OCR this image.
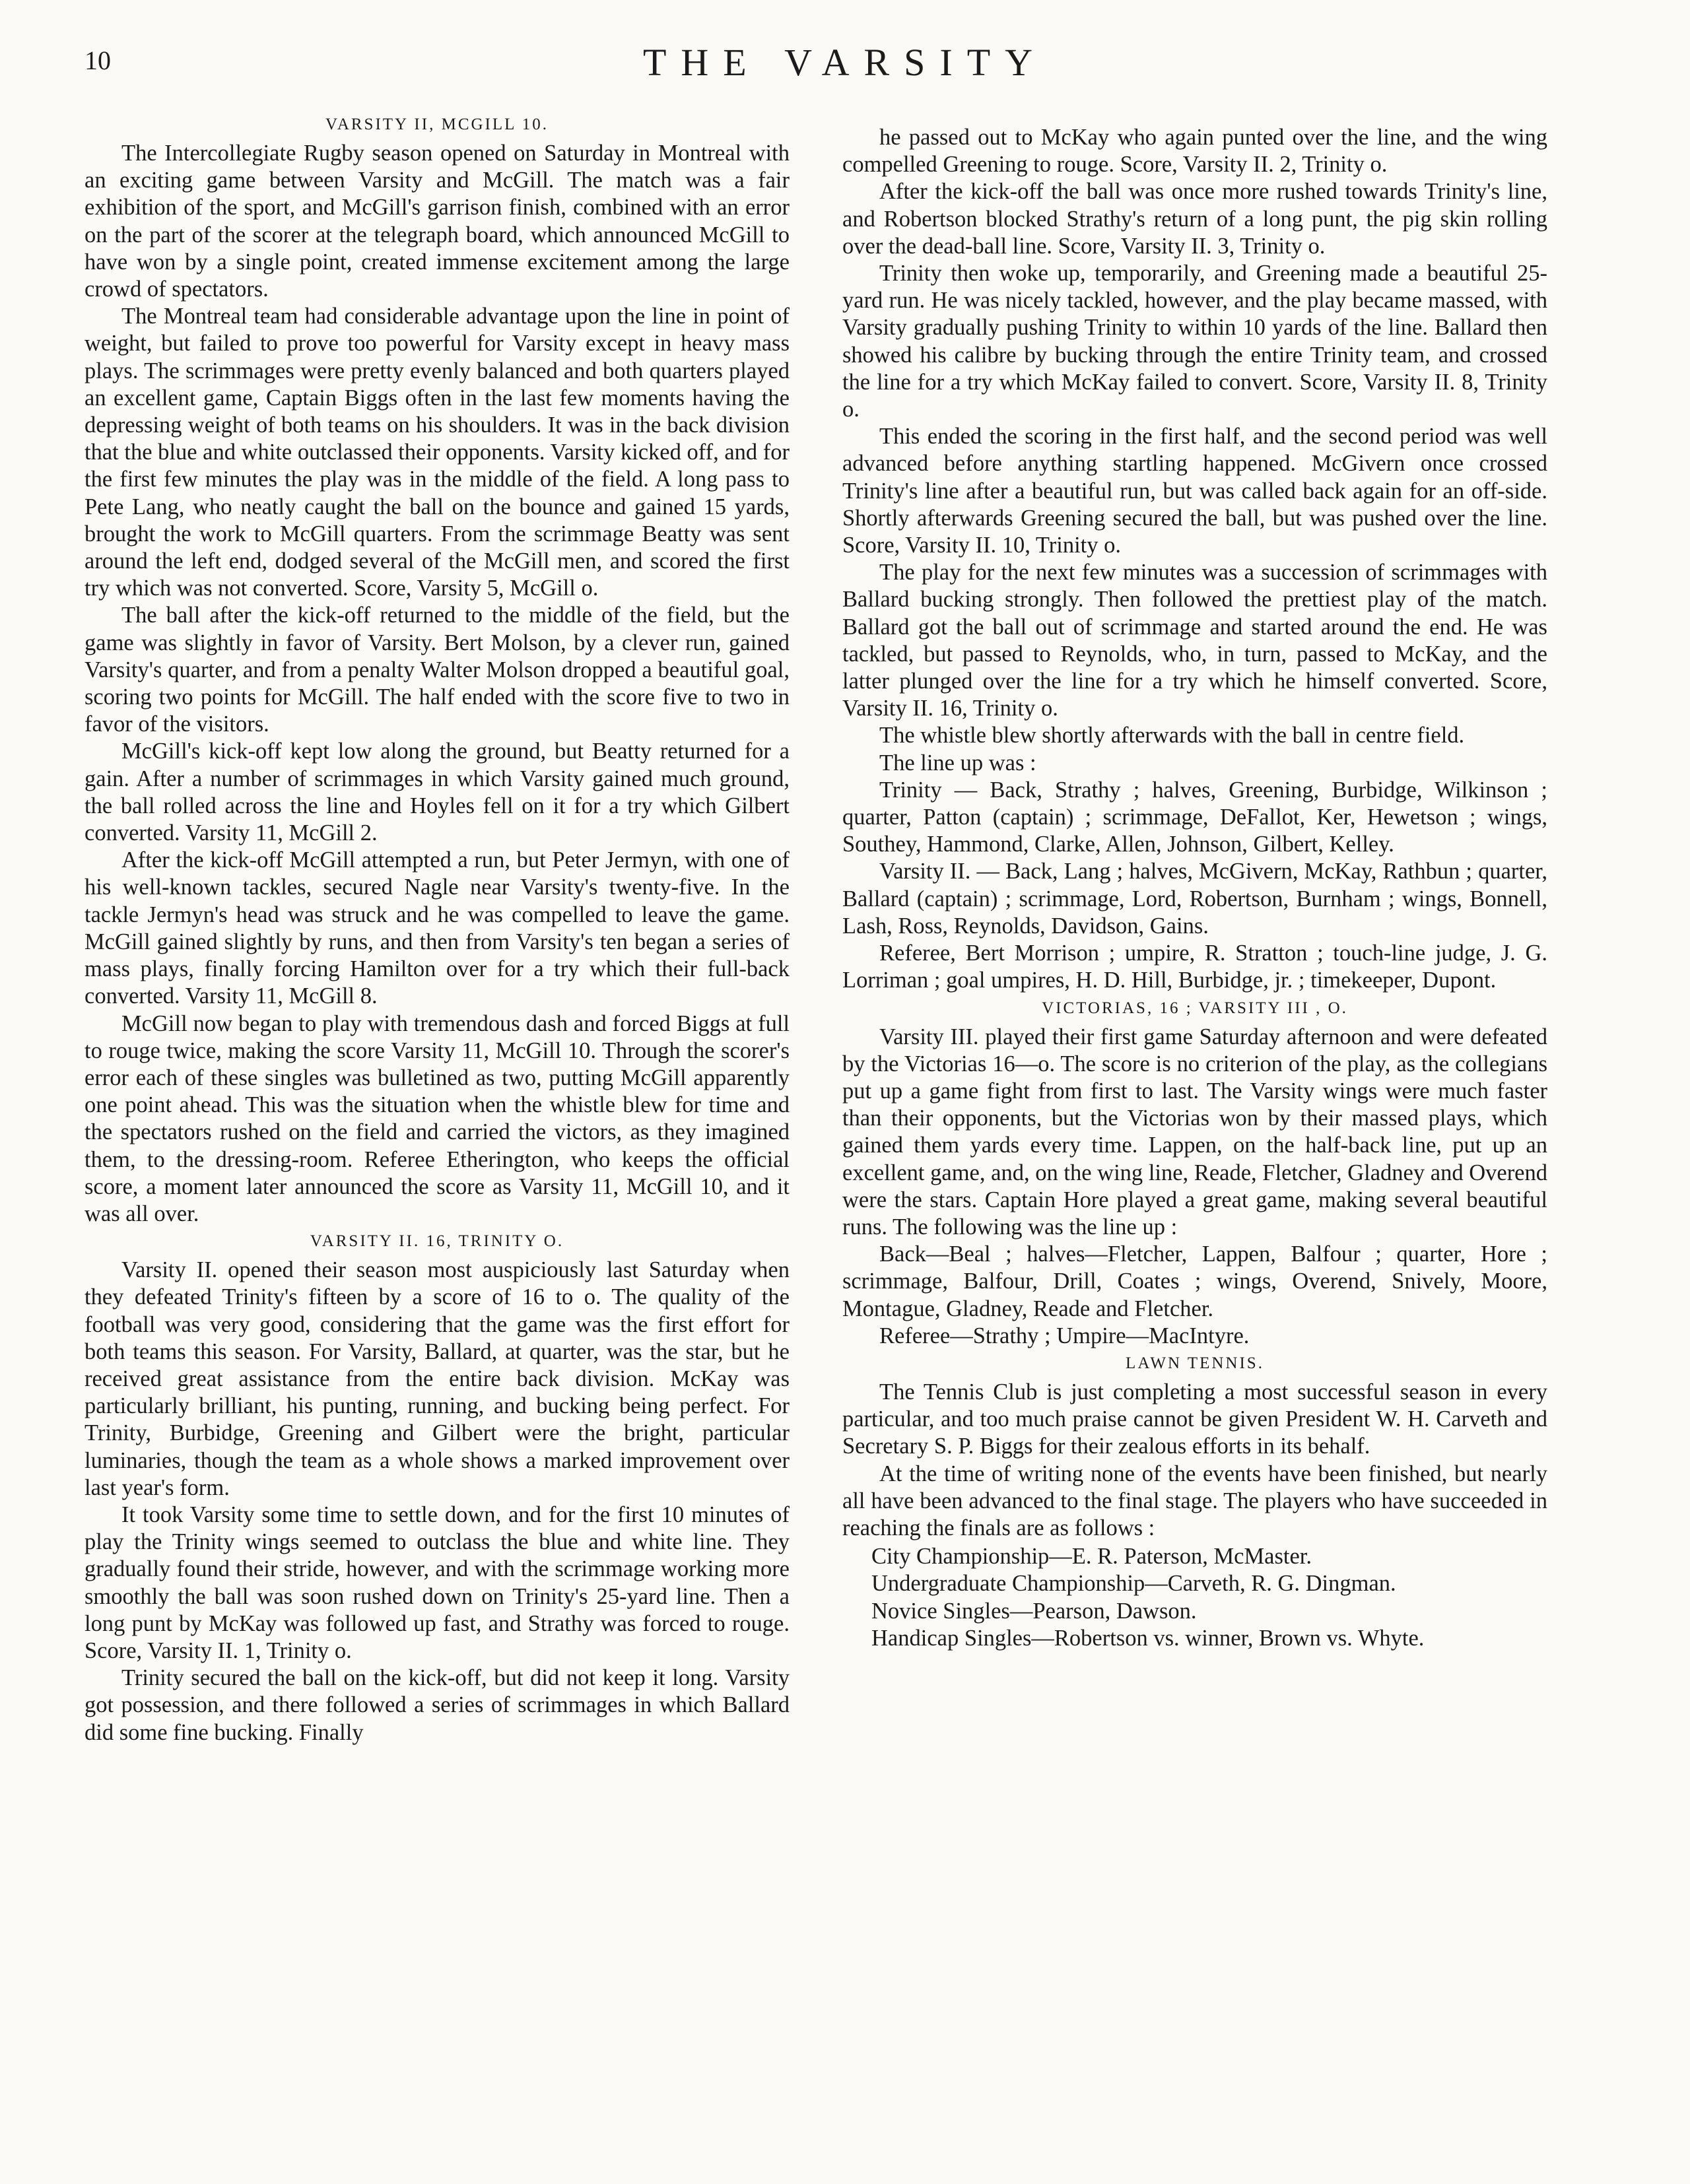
10	THE VARSITY
VARSITY II, MCGILL 10.

The Intercollegiate Rugby season opened on Saturday in Montreal with an exciting game between Varsity and McGill. The match was a fair exhibition of the sport, and McGill's garrison finish, combined with an error on the part of the scorer at the telegraph board, which announced McGill to have won by a single point, created immense excitement among the large crowd of spectators.

The Montreal team had considerable advantage upon the line in point of weight, but failed to prove too powerful for Varsity except in heavy mass plays. The scrimmages were pretty evenly balanced and both quarters played an excellent game, Captain Biggs often in the last few moments having the depressing weight of both teams on his shoulders. It was in the back division that the blue and white outclassed their opponents. Varsity kicked off, and for the first few minutes the play was in the middle of the field. A long pass to Pete Lang, who neatly caught the ball on the bounce and gained 15 yards, brought the work to McGill quarters. From the scrimmage Beatty was sent around the left end, dodged several of the McGill men, and scored the first try which was not converted. Score, Varsity 5, McGill o.

The ball after the kick-off returned to the middle of the field, but the game was slightly in favor of Varsity. Bert Molson, by a clever run, gained Varsity's quarter, and from a penalty Walter Molson dropped a beautiful goal, scoring two points for McGill. The half ended with the score five to two in favor of the visitors.

McGill's kick-off kept low along the ground, but Beatty returned for a gain. After a number of scrimmages in which Varsity gained much ground, the ball rolled across the line and Hoyles fell on it for a try which Gilbert converted. Varsity 11, McGill 2.

After the kick-off McGill attempted a run, but Peter Jermyn, with one of his well-known tackles, secured Nagle near Varsity's twenty-five. In the tackle Jermyn's head was struck and he was compelled to leave the game. McGill gained slightly by runs, and then from Varsity's ten began a series of mass plays, finally forcing Hamilton over for a try which their full-back converted. Varsity 11, McGill 8.

McGill now began to play with tremendous dash and forced Biggs at full to rouge twice, making the score Varsity 11, McGill 10. Through the scorer's error each of these singles was bulletined as two, putting McGill apparently one point ahead. This was the situation when the whistle blew for time and the spectators rushed on the field and carried the victors, as they imagined them, to the dressing-room. Referee Etherington, who keeps the official score, a moment later announced the score as Varsity 11, McGill 10, and it was all over.

VARSITY II. 16, TRINITY O.

Varsity II. opened their season most auspiciously last Saturday when they defeated Trinity's fifteen by a score of 16 to o. The quality of the football was very good, considering that the game was the first effort for both teams this season. For Varsity, Ballard, at quarter, was the star, but he received great assistance from the entire back division. McKay was particularly brilliant, his punting, running, and bucking being perfect. For Trinity, Burbidge, Greening and Gilbert were the bright, particular luminaries, though the team as a whole shows a marked improvement over last year's form.

It took Varsity some time to settle down, and for the first 10 minutes of play the Trinity wings seemed to outclass the blue and white line. They gradually found their stride, however, and with the scrimmage working more smoothly the ball was soon rushed down on Trinity's 25-yard line. Then a long punt by McKay was followed up fast, and Strathy was forced to rouge. Score, Varsity II. 1, Trinity o.

Trinity secured the ball on the kick-off, but did not keep it long. Varsity got possession, and there followed a series of scrimmages in which Ballard did some fine bucking. Finally

he passed out to McKay who again punted over the line, and the wing compelled Greening to rouge. Score, Varsity II. 2, Trinity o.

After the kick-off the ball was once more rushed towards Trinity's line, and Robertson blocked Strathy's return of a long punt, the pig skin rolling over the dead-ball line. Score, Varsity II. 3, Trinity o.

Trinity then woke up, temporarily, and Greening made a beautiful 25-yard run. He was nicely tackled, however, and the play became massed, with Varsity gradually pushing Trinity to within 10 yards of the line. Ballard then showed his calibre by bucking through the entire Trinity team, and crossed the line for a try which McKay failed to convert. Score, Varsity II. 8, Trinity o.

This ended the scoring in the first half, and the second period was well advanced before anything startling happened. McGivern once crossed Trinity's line after a beautiful run, but was called back again for an off-side. Shortly afterwards Greening secured the ball, but was pushed over the line. Score, Varsity II. 10, Trinity o.

The play for the next few minutes was a succession of scrimmages with Ballard bucking strongly. Then followed the prettiest play of the match. Ballard got the ball out of scrimmage and started around the end. He was tackled, but passed to Reynolds, who, in turn, passed to McKay, and the latter plunged over the line for a try which he himself converted. Score, Varsity II. 16, Trinity o.

The whistle blew shortly afterwards with the ball in centre field.

The line up was :

Trinity — Back, Strathy ; halves, Greening, Burbidge, Wilkinson ; quarter, Patton (captain) ; scrimmage, DeFallot, Ker, Hewetson ; wings, Southey, Hammond, Clarke, Allen, Johnson, Gilbert, Kelley.

Varsity II. — Back, Lang ; halves, McGivern, McKay, Rathbun ; quarter, Ballard (captain) ; scrimmage, Lord, Robertson, Burnham ; wings, Bonnell, Lash, Ross, Reynolds, Davidson, Gains.

Referee, Bert Morrison ; umpire, R. Stratton ; touch-line judge, J. G. Lorriman ; goal umpires, H. D. Hill, Burbidge, jr. ; timekeeper, Dupont.

VICTORIAS, 16 ; VARSITY III , O.

Varsity III. played their first game Saturday afternoon and were defeated by the Victorias 16—o. The score is no criterion of the play, as the collegians put up a game fight from first to last. The Varsity wings were much faster than their opponents, but the Victorias won by their massed plays, which gained them yards every time. Lappen, on the half-back line, put up an excellent game, and, on the wing line, Reade, Fletcher, Gladney and Overend were the stars. Captain Hore played a great game, making several beautiful runs. The following was the line up :

Back—Beal ; halves—Fletcher, Lappen, Balfour ; quarter, Hore ; scrimmage, Balfour, Drill, Coates ; wings, Overend, Snively, Moore, Montague, Gladney, Reade and Fletcher.

Referee—Strathy ; Umpire—MacIntyre.

LAWN TENNIS.

The Tennis Club is just completing a most successful season in every particular, and too much praise cannot be given President W. H. Carveth and Secretary S. P. Biggs for their zealous efforts in its behalf.

At the time of writing none of the events have been finished, but nearly all have been advanced to the final stage. The players who have succeeded in reaching the finals are as follows :

City Championship—E. R. Paterson, McMaster.
Undergraduate Championship—Carveth, R. G. Dingman.
Novice Singles—Pearson, Dawson.
Handicap Singles—Robertson vs. winner, Brown vs. Whyte.
